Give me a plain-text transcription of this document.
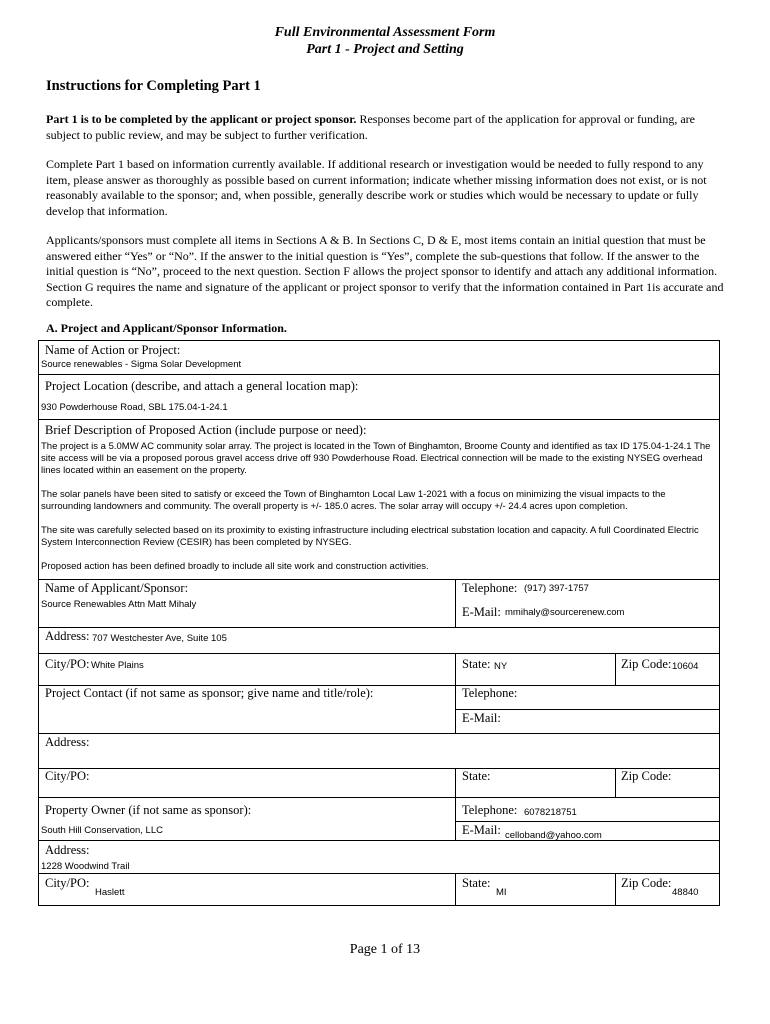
Full Environmental Assessment Form
Part 1 - Project and Setting
Instructions for Completing Part 1
Part 1 is to be completed by the applicant or project sponsor. Responses become part of the application for approval or funding, are subject to public review, and may be subject to further verification.
Complete Part 1 based on information currently available. If additional research or investigation would be needed to fully respond to any item, please answer as thoroughly as possible based on current information; indicate whether missing information does not exist, or is not reasonably available to the sponsor; and, when possible, generally describe work or studies which would be necessary to update or fully develop that information.
Applicants/sponsors must complete all items in Sections A & B. In Sections C, D & E, most items contain an initial question that must be answered either “Yes” or “No”. If the answer to the initial question is “Yes”, complete the sub-questions that follow. If the answer to the initial question is “No”, proceed to the next question. Section F allows the project sponsor to identify and attach any additional information. Section G requires the name and signature of the applicant or project sponsor to verify that the information contained in Part 1is accurate and complete.
A. Project and Applicant/Sponsor Information.
Name of Action or Project:
Source renewables - Sigma Solar Development
Project Location (describe, and attach a general location map):
930 Powderhouse Road, SBL 175.04-1-24.1
Brief Description of Proposed Action (include purpose or need):
The project is a 5.0MW AC community solar array. The project is located in the Town of Binghamton, Broome County and identified as tax ID 175.04-1-24.1 The site access will be via a proposed porous gravel access drive off 930 Powderhouse Road. Electrical connection will be made to the existing NYSEG overhead lines located within an easement on the property.
The solar panels have been sited to satisfy or exceed the Town of Binghamton Local Law 1-2021 with a focus on minimizing the visual impacts to the surrounding landowners and community. The overall property is +/- 185.0 acres. The solar array will occupy +/- 24.4 acres upon completion.
The site was carefully selected based on its proximity to existing infrastructure including electrical substation location and capacity. A full Coordinated Electric System Interconnection Review (CESIR) has been completed by NYSEG.
Proposed action has been defined broadly to include all site work and construction activities.
Name of Applicant/Sponsor:
Source Renewables Attn Matt Mihaly
Telephone: (917) 397-1757
E-Mail: mmihaly@sourcerenew.com
Address: 707 Westchester Ave, Suite 105
City/PO: White Plains	State: NY	Zip Code: 10604
Project Contact (if not same as sponsor; give name and title/role):	Telephone:
E-Mail:
Address:
City/PO:	State:	Zip Code:
Property Owner (if not same as sponsor):
South Hill Conservation, LLC
Telephone: 6078218751
E-Mail: celloband@yahoo.com
Address:
1228 Woodwind Trail
City/PO:
Haslett
State:
MI
Zip Code:
48840
Page 1 of 13
